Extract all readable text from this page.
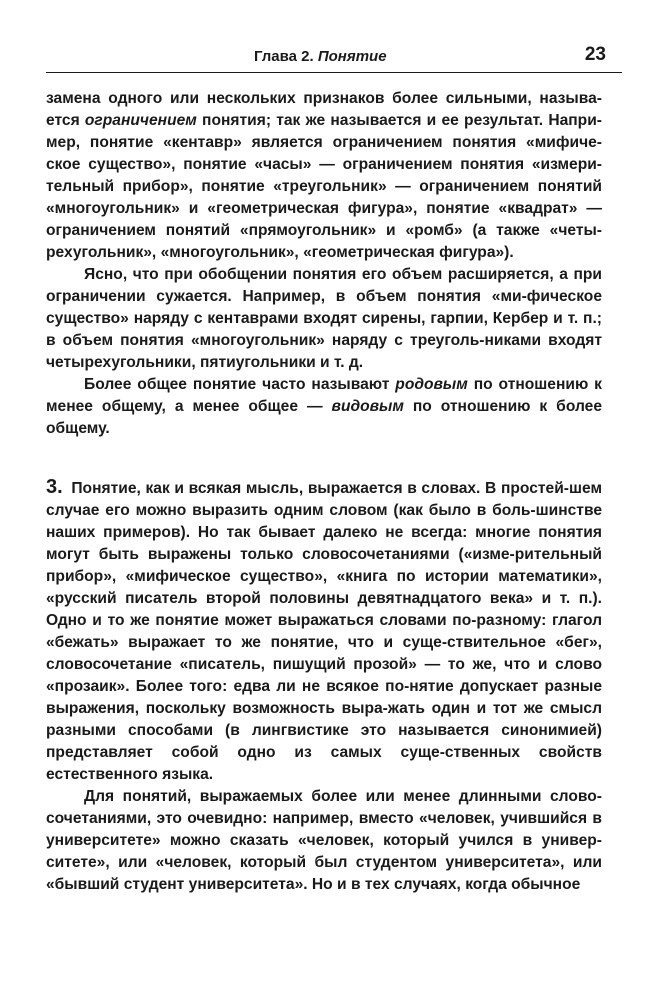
Глава 2. Понятие	23

замена одного или нескольких признаков более сильными, называ-ется ограничением понятия; так же называется и ее результат. Напри-мер, понятие «кентавр» является ограничением понятия «мифиче-ское существо», понятие «часы» — ограничением понятия «измери-тельный прибор», понятие «треугольник» — ограничением понятий «многоугольник» и «геометрическая фигура», понятие «квадрат» — ограничением понятий «прямоугольник» и «ромб» (а также «четы-рехугольник», «многоугольник», «геометрическая фигура»).

Ясно, что при обобщении понятия его объем расширяется, а при ограничении сужается. Например, в объем понятия «ми-фическое существо» наряду с кентаврами входят сирены, гарпии, Кербер и т. п.; в объем понятия «многоугольник» наряду с треуголь-никами входят четырехугольники, пятиугольники и т. д.

Более общее понятие часто называют родовым по отношению к менее общему, а менее общее — видовым по отношению к более общему.

3. Понятие, как и всякая мысль, выражается в словах. В простей-шем случае его можно выразить одним словом (как было в боль-шинстве наших примеров). Но так бывает далеко не всегда: многие понятия могут быть выражены только словосочетаниями («изме-рительный прибор», «мифическое существо», «книга по истории математики», «русский писатель второй половины девятнадцатого века» и т. п.). Одно и то же понятие может выражаться словами по-разному: глагол «бежать» выражает то же понятие, что и суще-ствительное «бег», словосочетание «писатель, пишущий прозой» — то же, что и слово «прозаик». Более того: едва ли не всякое по-нятие допускает разные выражения, поскольку возможность выра-жать один и тот же смысл разными способами (в лингвистике это называется синонимией) представляет собой одно из самых суще-ственных свойств естественного языка.

Для понятий, выражаемых более или менее длинными слово-сочетаниями, это очевидно: например, вместо «человек, учившийся в университете» можно сказать «человек, который учился в универ-ситете», или «человек, который был студентом университета», или «бывший студент университета». Но и в тех случаях, когда обычное
